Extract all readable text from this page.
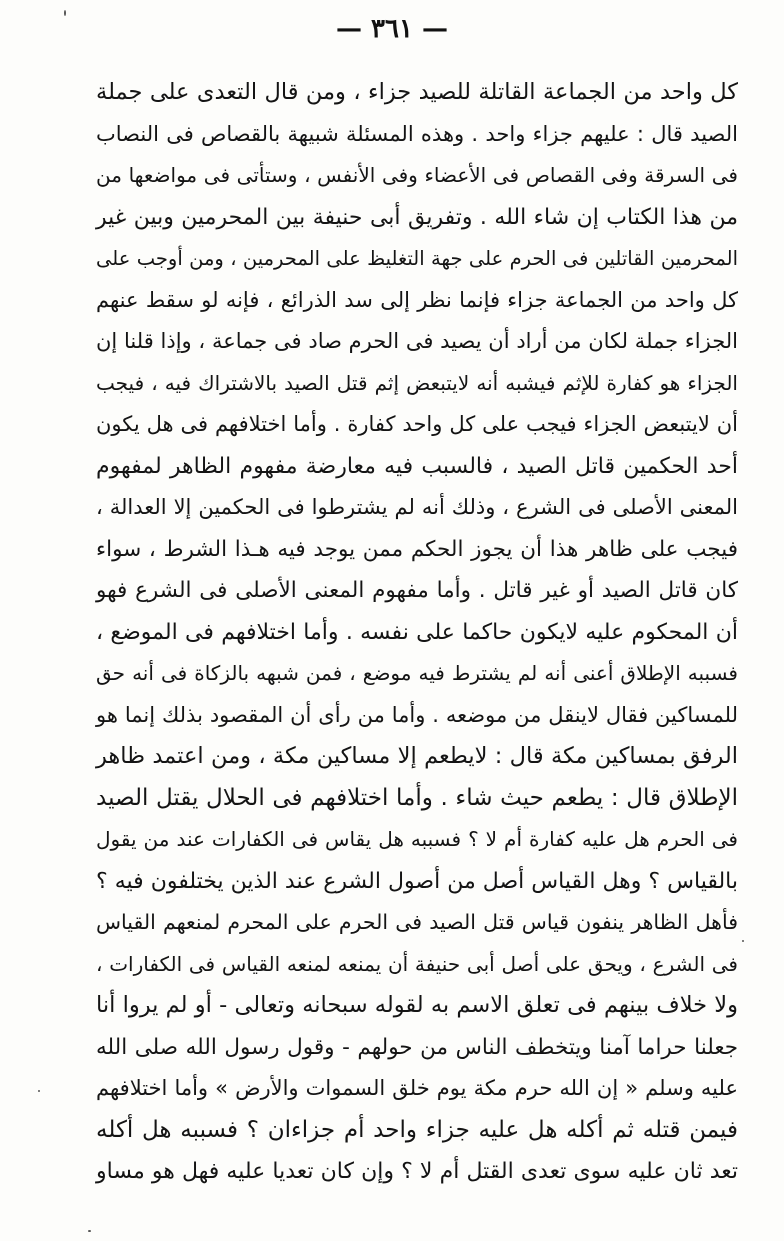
— ٣٦١ —
كل واحد من الجماعة القاتلة للصيد جزاء ، ومن قال التعدى على جملة
الصيد قال : عليهم جزاء واحد . وهذه المسئلة شبيهة بالقصاص فى النصاب
فى السرقة وفى القصاص فى الأعضاء وفى الأنفس ، وستأتى فى مواضعها من
من هذا الكتاب إن شاء الله . وتفريق أبى حنيفة بين المحرمين وبين غير
المحرمين القاتلين فى الحرم على جهة التغليظ على المحرمين ، ومن أوجب على
كل واحد من الجماعة جزاء فإنما نظر إلى سد الذرائع ، فإنه لو سقط عنهم
الجزاء جملة لكان من أراد أن يصيد فى الحرم صاد فى جماعة ، وإذا قلنا إن
الجزاء هو كفارة للإثم فيشبه أنه لايتبعض إثم قتل الصيد بالاشتراك فيه ، فيجب
أن لايتبعض الجزاء فيجب على كل واحد كفارة . وأما اختلافهم فى هل يكون
أحد الحكمين قاتل الصيد ، فالسبب فيه معارضة مفهوم الظاهر لمفهوم
المعنى الأصلى فى الشرع ، وذلك أنه لم يشترطوا فى الحكمين إلا العدالة ،
فيجب على ظاهر هذا أن يجوز الحكم ممن يوجد فيه هـذا الشرط ، سواء
كان قاتل الصيد أو غير قاتل . وأما مفهوم المعنى الأصلى فى الشرع فهو
أن المحكوم عليه لايكون حاكما على نفسه . وأما اختلافهم فى الموضع ،
فسببه الإطلاق أعنى أنه لم يشترط فيه موضع ، فمن شبهه بالزكاة فى أنه حق
للمساكين فقال لاينقل من موضعه . وأما من رأى أن المقصود بذلك إنما هو
الرفق بمساكين مكة قال : لايطعم إلا مساكين مكة ، ومن اعتمد ظاهر
الإطلاق قال : يطعم حيث شاء . وأما اختلافهم فى الحلال يقتل الصيد
فى الحرم هل عليه كفارة أم لا ؟ فسببه هل يقاس فى الكفارات عند من يقول
بالقياس ؟ وهل القياس أصل من أصول الشرع عند الذين يختلفون فيه ؟
فأهل الظاهر ينفون قياس قتل الصيد فى الحرم على المحرم لمنعهم القياس
فى الشرع ، ويحق على أصل أبى حنيفة أن يمنعه لمنعه القياس فى الكفارات ،
ولا خلاف بينهم فى تعلق الاسم به لقوله سبحانه وتعالى - أو لم يروا أنا
جعلنا حراما آمنا ويتخطف الناس من حولهم - وقول رسول الله صلى الله
عليه وسلم « إن الله حرم مكة يوم خلق السموات والأرض » وأما اختلافهم
فيمن قتله ثم أكله هل عليه جزاء واحد أم جزاءان ؟ فسببه هل أكله
تعد ثان عليه سوى تعدى القتل أم لا ؟ وإن كان تعديا عليه فهل هو مساو
